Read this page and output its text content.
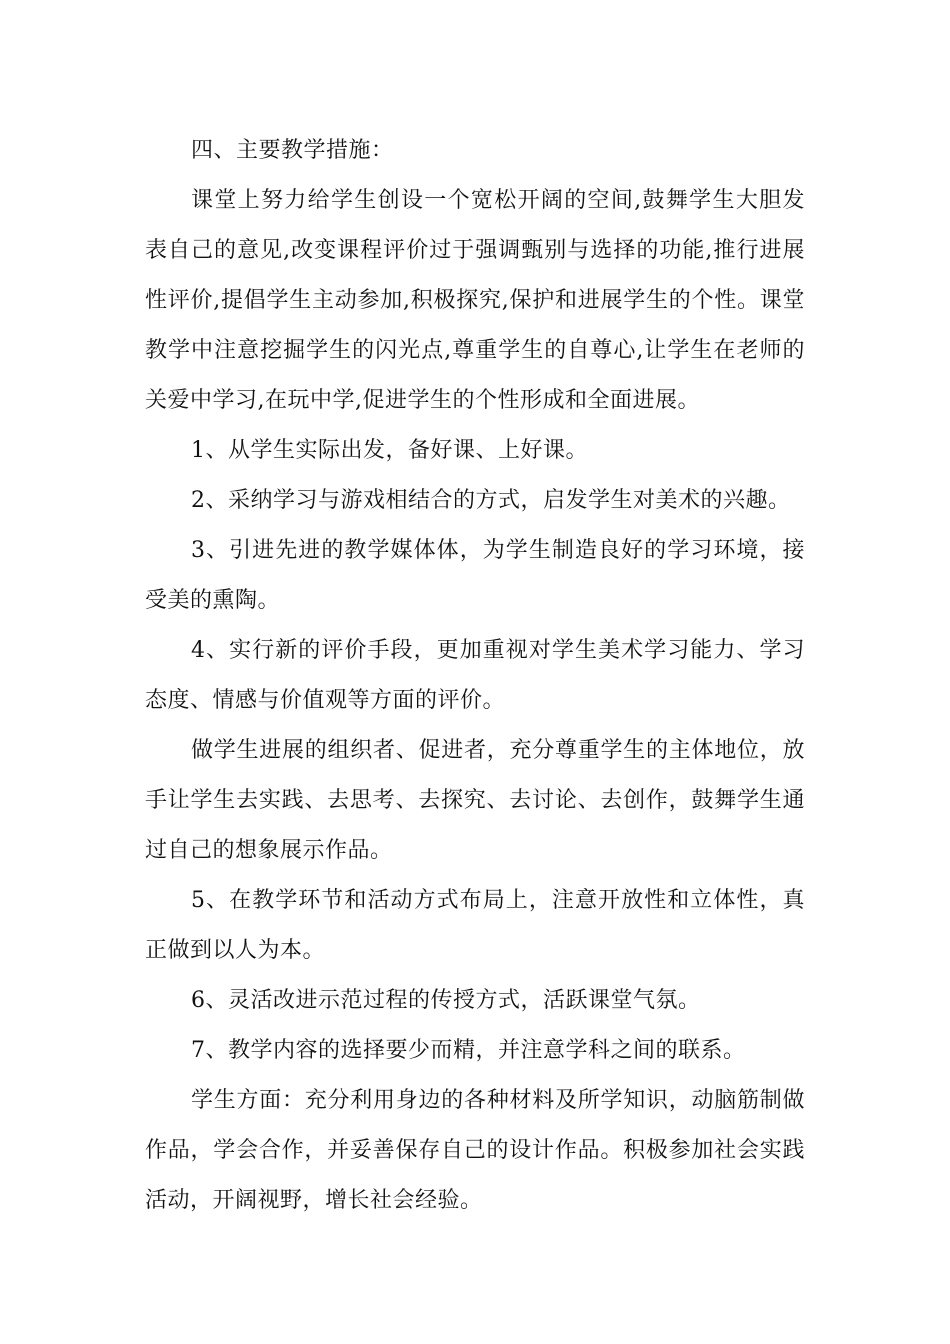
四、主要教学措施：

课堂上努力给学生创设一个宽松开阔的空间,鼓舞学生大胆发表自己的意见,改变课程评价过于强调甄别与选择的功能,推行进展性评价,提倡学生主动参加,积极探究,保护和进展学生的个性。课堂教学中注意挖掘学生的闪光点,尊重学生的自尊心,让学生在老师的关爱中学习,在玩中学,促进学生的个性形成和全面进展。

1、从学生实际出发，备好课、上好课。

2、采纳学习与游戏相结合的方式，启发学生对美术的兴趣。

3、引进先进的教学媒体体，为学生制造良好的学习环境，接受美的熏陶。

4、实行新的评价手段，更加重视对学生美术学习能力、学习态度、情感与价值观等方面的评价。

做学生进展的组织者、促进者，充分尊重学生的主体地位，放手让学生去实践、去思考、去探究、去讨论、去创作，鼓舞学生通过自己的想象展示作品。

5、在教学环节和活动方式布局上，注意开放性和立体性，真正做到以人为本。

6、灵活改进示范过程的传授方式，活跃课堂气氛。

7、教学内容的选择要少而精，并注意学科之间的联系。

学生方面：充分利用身边的各种材料及所学知识，动脑筋制做作品，学会合作，并妥善保存自己的设计作品。积极参加社会实践活动，开阔视野，增长社会经验。
